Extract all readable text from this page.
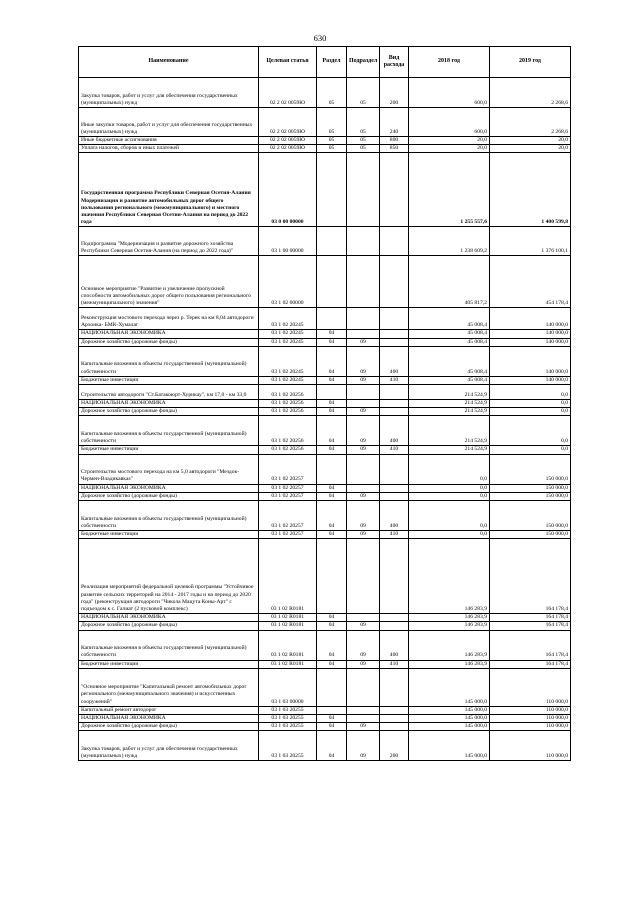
630
Наименование	Целевая статья	Раздел	Подраздел	Вид расхода	2018 год	2019 год
Закупка товаров, работ и услуг для обеспечения государственных (муниципальных) нужд	02 2 02 0059Ю	05	05	200	600,0	2 268,6
Иные закупки товаров, работ и услуг для обеспечения государственных (муниципальных) нужд	02 2 02 0059Ю	05	05	240	600,0	2 268,6
Иные бюджетные ассигнования	02 2 02 0059Ю	05	05	800	20,0	20,0
Уплата налогов, сборов и иных платежей	02 2 02 0059Ю	05	05	850	20,0	20,0
Государственная программа Республики Северная Осетия-Алания Модернизация и развитие автомобильных дорог общего пользования регионального (межмуниципального) и местного значения Республики Северная Осетия-Алания на период до 2022 года	03 0 00 00000				1 255 557,6	1 400 599,8
Подпрограмма "Модернизация и развитие дорожного хозяйства Республики Северная Осетия-Алания (на период до 2022 года)"	03 1 00 00000				1 238 609,2	1 376 100,1
Основное мероприятие "Развитие и увеличение пропускной способности автомобильных дорог общего пользования регионального (межмуниципального) значения"	03 1 02 00000				405 817,2	454 178,4
Реконструкция мостового перехода через р. Терек на км 8,04 автодороги Архонка- БМК-Хумалаг	03 1 02 20245				45 008,4	140 000,0
НАЦИОНАЛЬНАЯ ЭКОНОМИКА	03 1 02 20245	04			45 008,4	140 000,0
Дорожное хозяйство (дорожные фонды)	03 1 02 20245	04	09		45 008,4	140 000,0
Капитальные вложения в объекты государственной (муниципальной) собственности	03 1 02 20245	04	09	400	45 008,4	140 000,0
Бюджетные инвестиции	03 1 02 20245	04	09	410	45 008,4	140 000,0
Строительство автодороги "Ст.Батакоюрт-Хурикау", км 17,0 - км 33,0	03 1 02 20256				214 524,9	0,0
НАЦИОНАЛЬНАЯ ЭКОНОМИКА	03 1 02 20256	04			214 524,9	0,0
Дорожное хозяйство (дорожные фонды)	03 1 02 20256	04	09		214 524,9	0,0
Капитальные вложения в объекты государственной (муниципальной) собственности	03 1 02 20256	04	09	400	214 524,9	0,0
Бюджетные инвестиции	03 1 02 20256	04	09	410	214 524,9	0,0
Строительство мостового перехода на км 5,0 автодороги "Мездок-Чермен-Владикавказ"	03 1 02 20257				0,0	150 000,0
НАЦИОНАЛЬНАЯ ЭКОНОМИКА	03 1 02 20257	04			0,0	150 000,0
Дорожное хозяйство (дорожные фонды)	03 1 02 20257	04	09		0,0	150 000,0
Капитальные вложения в объекты государственной (муниципальной) собственности	03 1 02 20257	04	09	400	0,0	150 000,0
Бюджетные инвестиции	03 1 02 20257	04	09	410	0,0	150 000,0
Реализация мероприятий федеральной целевой программы "Устойчивое развитие сельских территорий на 2014 - 2017 годы и на период до 2020 года" (реконструкция автодороги "Чикола Мацута Коны-Арт" с подъездом к с. Галиат (2 пусковой комплекс)	03 1 02 R0181				146 283,9	164 178,4
НАЦИОНАЛЬНАЯ ЭКОНОМИКА	03 1 02 R0181	04			146 283,9	164 178,4
Дорожное хозяйство (дорожные фонды)	03 1 02 R0181	04	09		146 283,9	164 178,4
Капитальные вложения в объекты государственной (муниципальной) собственности	03 1 02 R0181	04	09	400	146 283,9	164 178,4
Бюджетные инвестиции	03 1 02 R0181	04	09	410	146 283,9	164 178,4
"Основное мероприятие "Капитальный ремонт автомобильных дорог регионального (межмуниципального значения) и искусственных сооружений"	03 1 03 00000				145 000,0	110 000,0
Капитальный ремонт автодорог	03 1 03 20255				145 000,0	110 000,0
НАЦИОНАЛЬНАЯ ЭКОНОМИКА	03 1 03 20255	04			145 000,0	110 000,0
Дорожное хозяйство (дорожные фонды)	03 1 03 20255	04	09		145 000,0	110 000,0
Закупка товаров, работ и услуг для обеспечения государственных (муниципальных) нужд	03 1 03 20255	04	09	200	145 000,0	110 000,0
